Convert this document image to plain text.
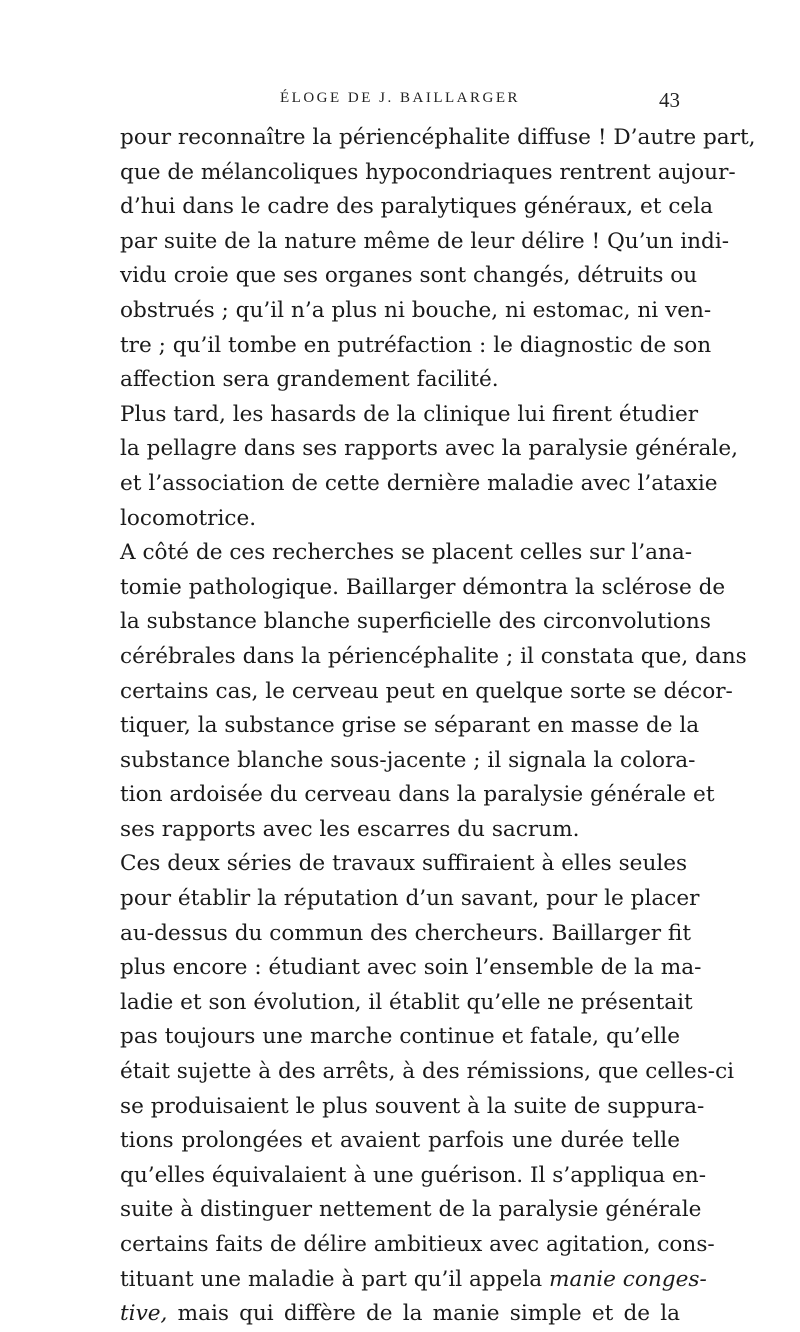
ÉLOGE DE J. BAILLARGER	43
pour reconnaître la périencéphalite diffuse ! D’autre part,
que de mélancoliques hypocondriaques rentrent aujour-
d’hui dans le cadre des paralytiques généraux, et cela
par suite de la nature même de leur délire ! Qu’un indi-
vidu croie que ses organes sont changés, détruits ou
obstrués ; qu’il n’a plus ni bouche, ni estomac, ni ven-
tre ; qu’il tombe en putréfaction : le diagnostic de son
affection sera grandement facilité.
Plus tard, les hasards de la clinique lui firent étudier
la pellagre dans ses rapports avec la paralysie générale,
et l’association de cette dernière maladie avec l’ataxie
locomotrice.
A côté de ces recherches se placent celles sur l’ana-
tomie pathologique. Baillarger démontra la sclérose de
la substance blanche superficielle des circonvolutions
cérébrales dans la périencéphalite ; il constata que, dans
certains cas, le cerveau peut en quelque sorte se décor-
tiquer, la substance grise se séparant en masse de la
substance blanche sous-jacente ; il signala la colora-
tion ardoisée du cerveau dans la paralysie générale et
ses rapports avec les escarres du sacrum.
Ces deux séries de travaux suffiraient à elles seules
pour établir la réputation d’un savant, pour le placer
au-dessus du commun des chercheurs. Baillarger fit
plus encore : étudiant avec soin l’ensemble de la ma-
ladie et son évolution, il établit qu’elle ne présentait
pas toujours une marche continue et fatale, qu’elle
était sujette à des arrêts, à des rémissions, que celles-ci
se produisaient le plus souvent à la suite de suppura-
tions prolongées et avaient parfois une durée telle
qu’elles équivalaient à une guérison. Il s’appliqua en-
suite à distinguer nettement de la paralysie générale
certains faits de délire ambitieux avec agitation, cons-
tituant une maladie à part qu’il appela manie conges-
tive, mais qui diffère de la manie simple et de la
